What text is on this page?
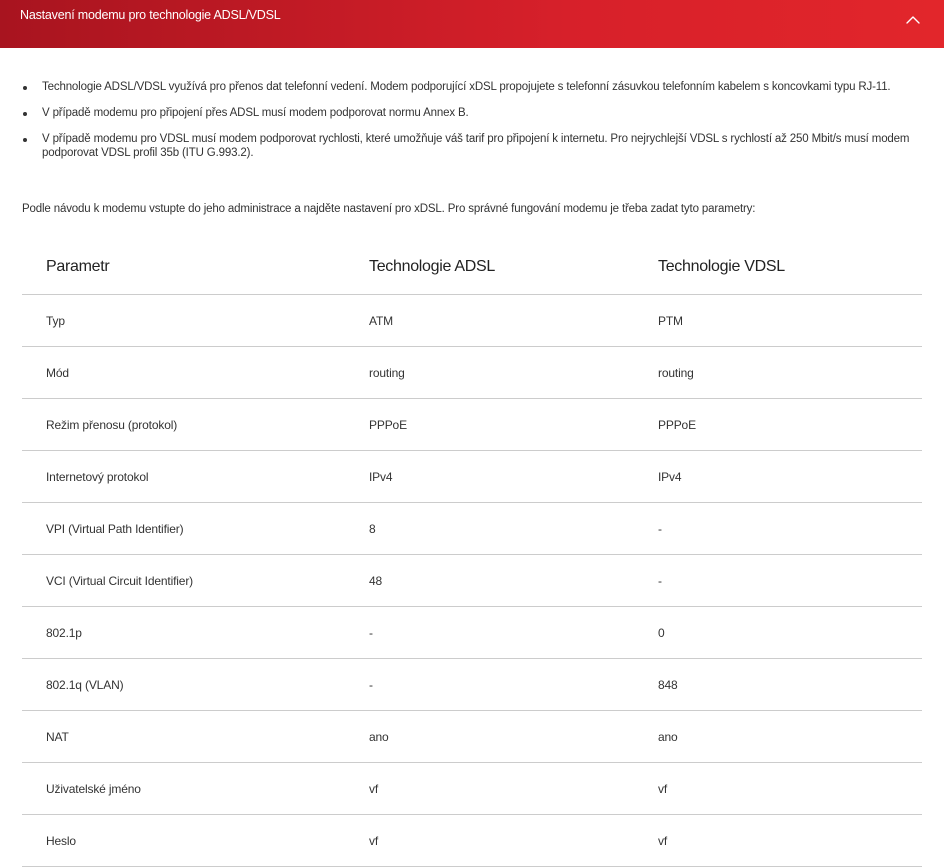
Nastavení modemu pro technologie ADSL/VDSL
Technologie ADSL/VDSL využívá pro přenos dat telefonní vedení. Modem podporující xDSL propojujete s telefonní zásuvkou telefonním kabelem s koncovkami typu RJ-11.
V případě modemu pro připojení přes ADSL musí modem podporovat normu Annex B.
V případě modemu pro VDSL musí modem podporovat rychlosti, které umožňuje váš tarif pro připojení k internetu. Pro nejrychlejší VDSL s rychlostí až 250 Mbit/s musí modem podporovat VDSL profil 35b (ITU G.993.2).
Podle návodu k modemu vstupte do jeho administrace a najděte nastavení pro xDSL. Pro správné fungování modemu je třeba zadat tyto parametry:
Parametr	Technologie ADSL	Technologie VDSL
Typ	ATM	PTM
Mód	routing	routing
Režim přenosu (protokol)	PPPoE	PPPoE
Internetový protokol	IPv4	IPv4
VPI (Virtual Path Identifier)	8	-
VCI (Virtual Circuit Identifier)	48	-
802.1p	-	0
802.1q (VLAN)	-	848
NAT	ano	ano
Uživatelské jméno	vf	vf
Heslo	vf	vf
